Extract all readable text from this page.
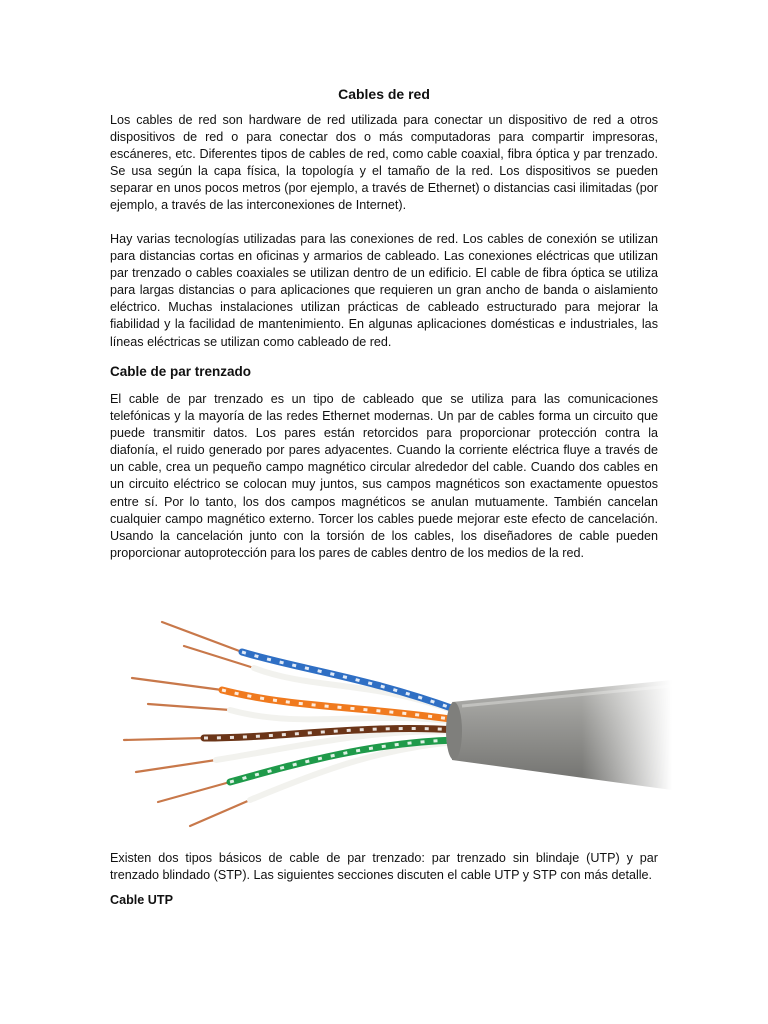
Cables de red

Los cables de red son hardware de red utilizada para conectar un dispositivo de red a otros dispositivos de red o para conectar dos o más computadoras para compartir impresoras, escáneres, etc. Diferentes tipos de cables de red, como cable coaxial, fibra óptica y par trenzado. Se usa según la capa física, la topología y el tamaño de la red. Los dispositivos se pueden separar en unos pocos metros (por ejemplo, a través de Ethernet) o distancias casi ilimitadas (por ejemplo, a través de las interconexiones de Internet).

Hay varias tecnologías utilizadas para las conexiones de red. Los cables de conexión se utilizan para distancias cortas en oficinas y armarios de cableado. Las conexiones eléctricas que utilizan par trenzado o cables coaxiales se utilizan dentro de un edificio. El cable de fibra óptica se utiliza para largas distancias o para aplicaciones que requieren un gran ancho de banda o aislamiento eléctrico. Muchas instalaciones utilizan prácticas de cableado estructurado para mejorar la fiabilidad y la facilidad de mantenimiento. En algunas aplicaciones domésticas e industriales, las líneas eléctricas se utilizan como cableado de red.

Cable de par trenzado

El cable de par trenzado es un tipo de cableado que se utiliza para las comunicaciones telefónicas y la mayoría de las redes Ethernet modernas. Un par de cables forma un circuito que puede transmitir datos. Los pares están retorcidos para proporcionar protección contra la diafonía, el ruido generado por pares adyacentes. Cuando la corriente eléctrica fluye a través de un cable, crea un pequeño campo magnético circular alrededor del cable. Cuando dos cables en un circuito eléctrico se colocan muy juntos, sus campos magnéticos son exactamente opuestos entre sí. Por lo tanto, los dos campos magnéticos se anulan mutuamente. También cancelan cualquier campo magnético externo. Torcer los cables puede mejorar este efecto de cancelación. Usando la cancelación junto con la torsión de los cables, los diseñadores de cable pueden proporcionar autoprotección para los pares de cables dentro de los medios de la red.

Existen dos tipos básicos de cable de par trenzado: par trenzado sin blindaje (UTP) y par trenzado blindado (STP). Las siguientes secciones discuten el cable UTP y STP con más detalle.

Cable UTP
